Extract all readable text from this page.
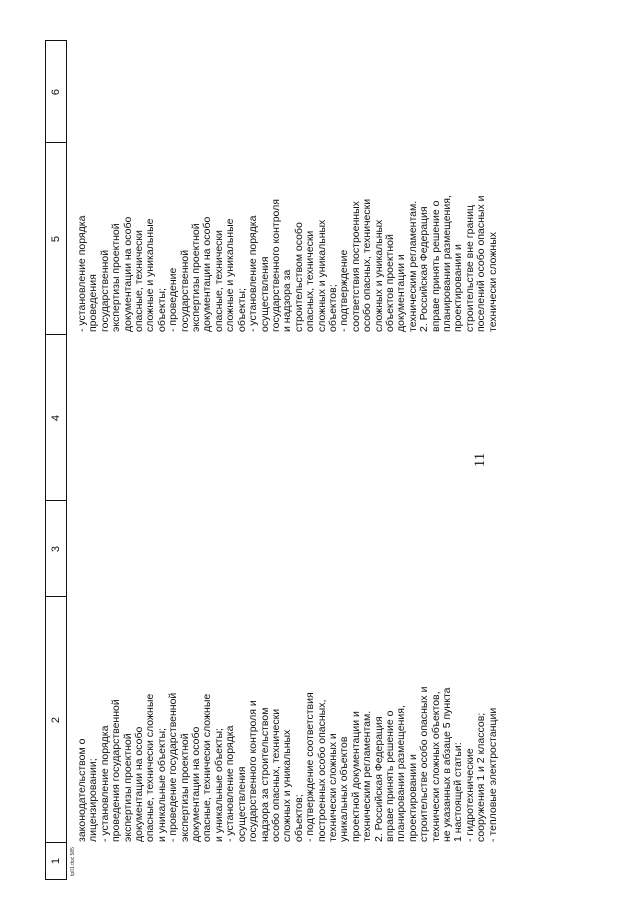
1
2
3
4
5
6
11
законодательством о лицензировании; - установление порядка проведения государственной экспертизы проектной документации на особо опасные, технически сложные и уникальные объекты; - проведение государственной экспертизы проектной документации на особо опасные, технически сложные и уникальные объекты; - установление порядка осуществления государственного контроля и надзора за строительством особо опасных, технически сложных и уникальных объектов; - подтверждение соответствия построенных особо опасных, технически сложных и уникальных объектов проектной документации и техническим регламентам. 2. Российская Федерация вправе принять решение о планировании размещения, проектировании и строительстве особо опасных и технически сложных объектов, не указанных в абзаце 5 пункта 1 настоящей статьи: - гидротехнические сооружения 1 и 2 классов; - тепловые электростанции
- установление порядка проведения государственной экспертизы проектной документации на особо опасные, технически сложные и уникальные объекты; - проведение государственной экспертизы проектной документации на особо опасные, технически сложные и уникальные объекты; - установление порядка осуществления государственного контроля и надзора за строительством особо опасных, технически сложных и уникальных объектов; - подтверждение соответствия построенных особо опасных, технически сложных и уникальных объектов проектной документации и техническим регламентам. 2. Российская Федерация вправе принять решение о планировании размещения, проектировании и строительстве вне границ поселений особо опасных и технически сложных
tp01.doc 585
